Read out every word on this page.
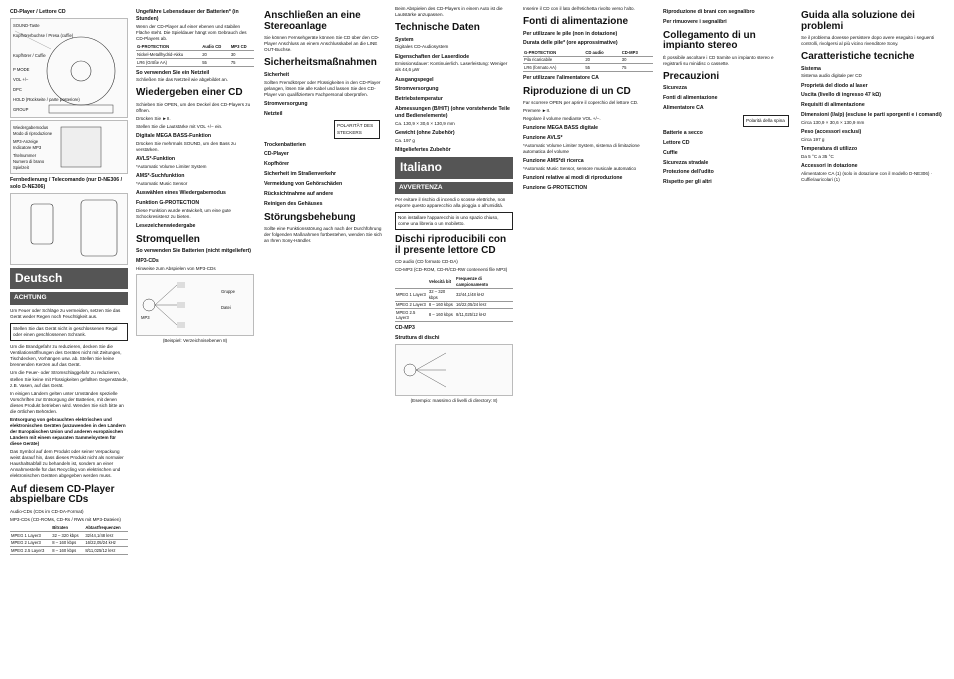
CD-Player / Lettore CD
SOUND-Taste
Kopfhörerbuchse / Presa (cuffie)
Kopfhörer / Cuffie
P MODE
VOL +/−
DPC
HOLD (Rückseite / parte posteriore)
GROUP
Wiedergabemodus
Modo di riproduzione
MP3-Anzeige
Indicatore MP3
Titelnummer
Numero di brano
Spielzeit
Fernbedienung / Telecomando (nur D-NE306 / solo D-NE306)
Deutsch
ACHTUNG

Um Feuer oder Schläge zu vermeiden, setzen Sie das Gerät weder Regen noch Feuchtigkeit aus.

Stellen Sie das Gerät nicht in geschlossenen Regal oder einen geschlossenen Schrank.

Um die Brandgefahr zu reduzieren, decken Sie die Ventilationsöffnungen des Gerätes nicht mit Zeitungen, Tischdecken, Vorhängen usw. ab. Stellen Sie keine brennenden Kerzen auf das Gerät.

Um die Feuer- oder Stromschlaggefahr zu reduzieren, stellen Sie keine mit Flüssigkeiten gefüllten Gegenstände, z.B. Vasen, auf das Gerät.

In einigen Ländern gelten unter Umständen spezielle Vorschriften zur Entsorgung der Batterien, mit denen dieses Produkt betrieben wird. Wenden Sie sich bitte an die örtlichen Behörden.

Entsorgung von gebrauchten elektrischen und elektronischen Geräten (anzuwenden in den Ländern der Europäischen Union und anderen europäischen Ländern mit einem separaten Sammelsystem für diese Geräte)

Das Symbol auf dem Produkt oder seiner Verpackung weist darauf hin, dass dieses Produkt nicht als normaler Haushaltsabfall zu behandeln ist, sondern an einer Annahmestelle für das Recycling von elektrischen und elektronischen Geräten abgegeben werden muss.

Auf diesem CD-Player abspielbare CDs

Audio-CDs (CDs im CD-DA-Format)

MP3-CDs (CD-ROMs, CD-Rs / RWs mit MP3-Dateien)

	Bitraten	Abtastfrequenzen
MPEG 1 Layer3	32 – 320 kbps	32/44,1/48 kHz
MPEG 2 Layer3	8 – 160 kbps	16/22,05/24 kHz
MPEG 2.5 Layer3	8 – 160 kbps	8/11,025/12 kHz
Ungefähre Lebensdauer der Batterien* (in Stunden)

Wenn der CD-Player auf einer ebenen und stabilen Fläche steht. Die Spieldauer hängt vom Gebrauch des CD-Players ab.

G-PROTECTION	Audio CD	MP3 CD
Nickel-Metallhydrid-Akku	20	30
LR6 (Größe AA)	55	75
So verwenden Sie ein Netzteil

Schließen Sie das Netzteil wie abgebildet an.

Wiedergeben einer CD

Schieben Sie OPEN, um den Deckel des CD-Players zu öffnen.

Drücken Sie ►II.

Stellen Sie die Lautstärke mit VOL +/− ein.

Digitale MEGA BASS-Funktion

Drücken Sie mehrmals SOUND, um den Bass zu verstärken.

AVLS*-Funktion

*Automatic Volume Limiter System

AMS*-Suchfunktion

*Automatic Music Sensor

Auswählen eines Wiedergabemodus
Funktion G-PROTECTION

Diese Funktion wurde entwickelt, um eine gute Schockresistenz zu bieten.

Lesezeichenwiedergabe
Stromquellen
So verwenden Sie Batterien (nicht mitgeliefert)
MP3-CDs

Hinweise zum Abspielen von MP3-CDs

Gruppe
Datei
MP3

(Beispiel: Verzeichnisebenen 8)

Anschließen an eine Stereoanlage

Sie können Fernsehgeräte können Sie CD über den CD-Player Anschluss an einem Anschlusskabel an die LINE OUT-Buchse.

Sicherheitsmaßnahmen
Sicherheit

Sollten Fremdkörper oder Flüssigkeiten in den CD-Player gelangen, lösen Sie alle Kabel und lassen Sie den CD-Player von qualifiziertem Fachpersonal überprüfen.

Stromversorgung
Netzteil
POLARITÄT DES STECKERS
Trockenbatterien
CD-Player
Kopfhörer
Sicherheit im Straßenverkehr
Vermeidung von Gehörschäden
Rücksichtnahme auf andere
Reinigen des Gehäuses
Störungsbehebung

Sollte eine Funktionsstörung auch nach der Durchführung der folgenden Maßnahmen fortbestehen, wenden Sie sich an Ihren Sony-Händler.

Beim Abspielen des CD-Players in einem Auto ist die Lautstärke anzupassen.

Technische Daten
System

Digitales CD-Audiosystem

Eigenschaften der Laserdiode

Emissionsdauer: Kontinuierlich. Laserleistung: Weniger als 44,6 µW

Ausgangspegel
Stromversorgung
Betriebstemperatur
Abmessungen (B/H/T) (ohne vorstehende Teile und Bedienelemente)

Ca. 130,9 × 30,6 × 130,9 mm

Gewicht (ohne Zubehör)

Ca. 197 g

Mitgeliefertes Zubehör
Italiano
AVVERTENZA

Per evitare il rischio di incendi o scosse elettriche, non esporre questo apparecchio alla pioggia o all'umidità.

Non installare l'apparecchio in uno spazio chiuso, come una libreria o un mobiletto.
Dischi riproducibili con il presente lettore CD

CD audio (CD formato CD-DA)

CD-MP3 (CD-ROM, CD-R/CD-RW contenenti file MP3)

	Velocità bit	Frequenze di campionamento
MPEG 1 Layer3	32 – 320 kbps	32/44,1/48 kHz
MPEG 2 Layer3	8 – 160 kbps	16/22,05/24 kHz
MPEG 2.5 Layer3	8 – 160 kbps	8/11,025/12 kHz
CD-MP3
Struttura di dischi

(Esempio: massimo di livelli di directory: 8)

Inserire il CD con il lato dell'etichetta rivolto verso l'alto.

Fonti di alimentazione
Per utilizzare le pile (non in dotazione)
Durata delle pile* (ore approssimative)
G-PROTECTION	CD audio	CD-MP3
Pila ricaricabile	20	30
LR6 (formato AA)	55	75
Per utilizzare l'alimentatore CA
Riproduzione di un CD

Far scorrere OPEN per aprire il coperchio del lettore CD.

Premere ►II.

Regolare il volume mediante VOL +/−.

Funzione MEGA BASS digitale
Funzione AVLS*

*Automatic Volume Limiter System, sistema di limitazione automatica del volume

Funzione AMS*di ricerca

*Automatic Music Sensor, sensore musicale automatico

Funzioni relative ai modi di riproduzione
Funzione G-PROTECTION
Riproduzione di brani con segnalibro
Per rimuovere i segnalibri
Collegamento di un impianto stereo

È possibile ascoltare i CD tramite un impianto stereo e registrarli su minidisc o cassette.

Precauzioni
Sicurezza
Fonti di alimentazione
Alimentatore CA
Polarità della spina
Batterie a secco
Lettore CD
Cuffie
Sicurezza stradale
Protezione dell'udito
Rispetto per gli altri
Guida alla soluzione dei problemi

Se il problema dovesse persistere dopo avere eseguito i seguenti controlli, rivolgersi al più vicino rivenditore Sony.

Caratteristiche tecniche
Sistema

Sistema audio digitale per CD

Proprietà del diodo al laser
Uscita (livello di ingresso 47 kΩ)
Requisiti di alimentazione
Dimensioni (l/a/p) (escluse le parti sporgenti e i comandi)

Circa 130,9 × 30,6 × 130,9 mm

Peso (accessori esclusi)

Circa 197 g

Temperatura di utilizzo

Da 5 °C a 35 °C

Accessori in dotazione

Alimentatore CA (1) (solo in dotazione con il modello D-NE306) · Cuffie/auricolari (1)
